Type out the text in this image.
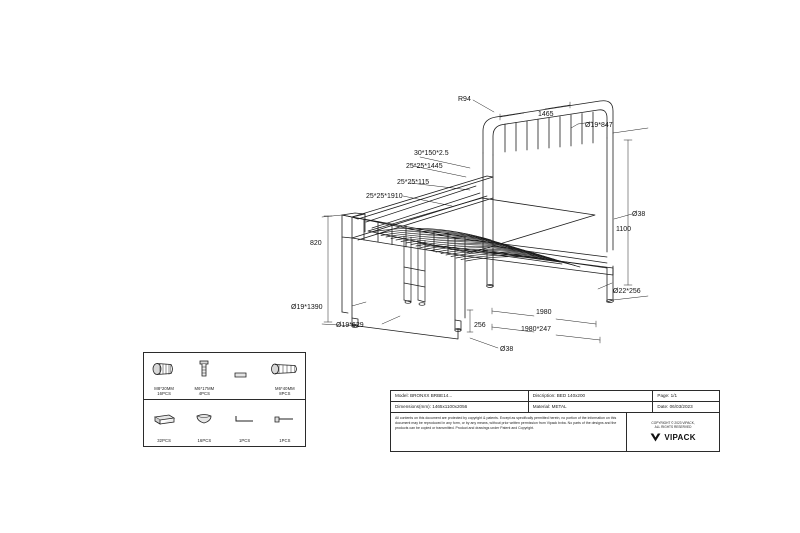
R94
1465
Ø19*847
30*150*2.5
25*25*1445
25*25*115
25*25*1910
Ø38
1100
820
Ø22*256
1980
1980*247
256
Ø19*1390
Ø19*629
Ø38
M8*20MM
16PCS
M6*17MM
4PCS
M6*40MM
8PCS
32PCS	16PCS	1PCS	1PCS
Model: BRONXX BRBE14...	Discription: BED 140x200	Page: 1/1
Dimensions(mm): 1465x1100x2056	Material: METAL	Date: 06/03/2023
All contents on this document are protected by copyright & patents. Except as specifically permitted herein, no portion of the information on this document may be reproduced in any form, or by any means, without prior written permission from Vipack bvba. No parts of the designs and the products can be copied or transmitted. Product and drawings under Patent and Copyright.
COPYRIGHT © 2023 VIPACK,
ALL RIGHTS RESERVED
VIPACK
